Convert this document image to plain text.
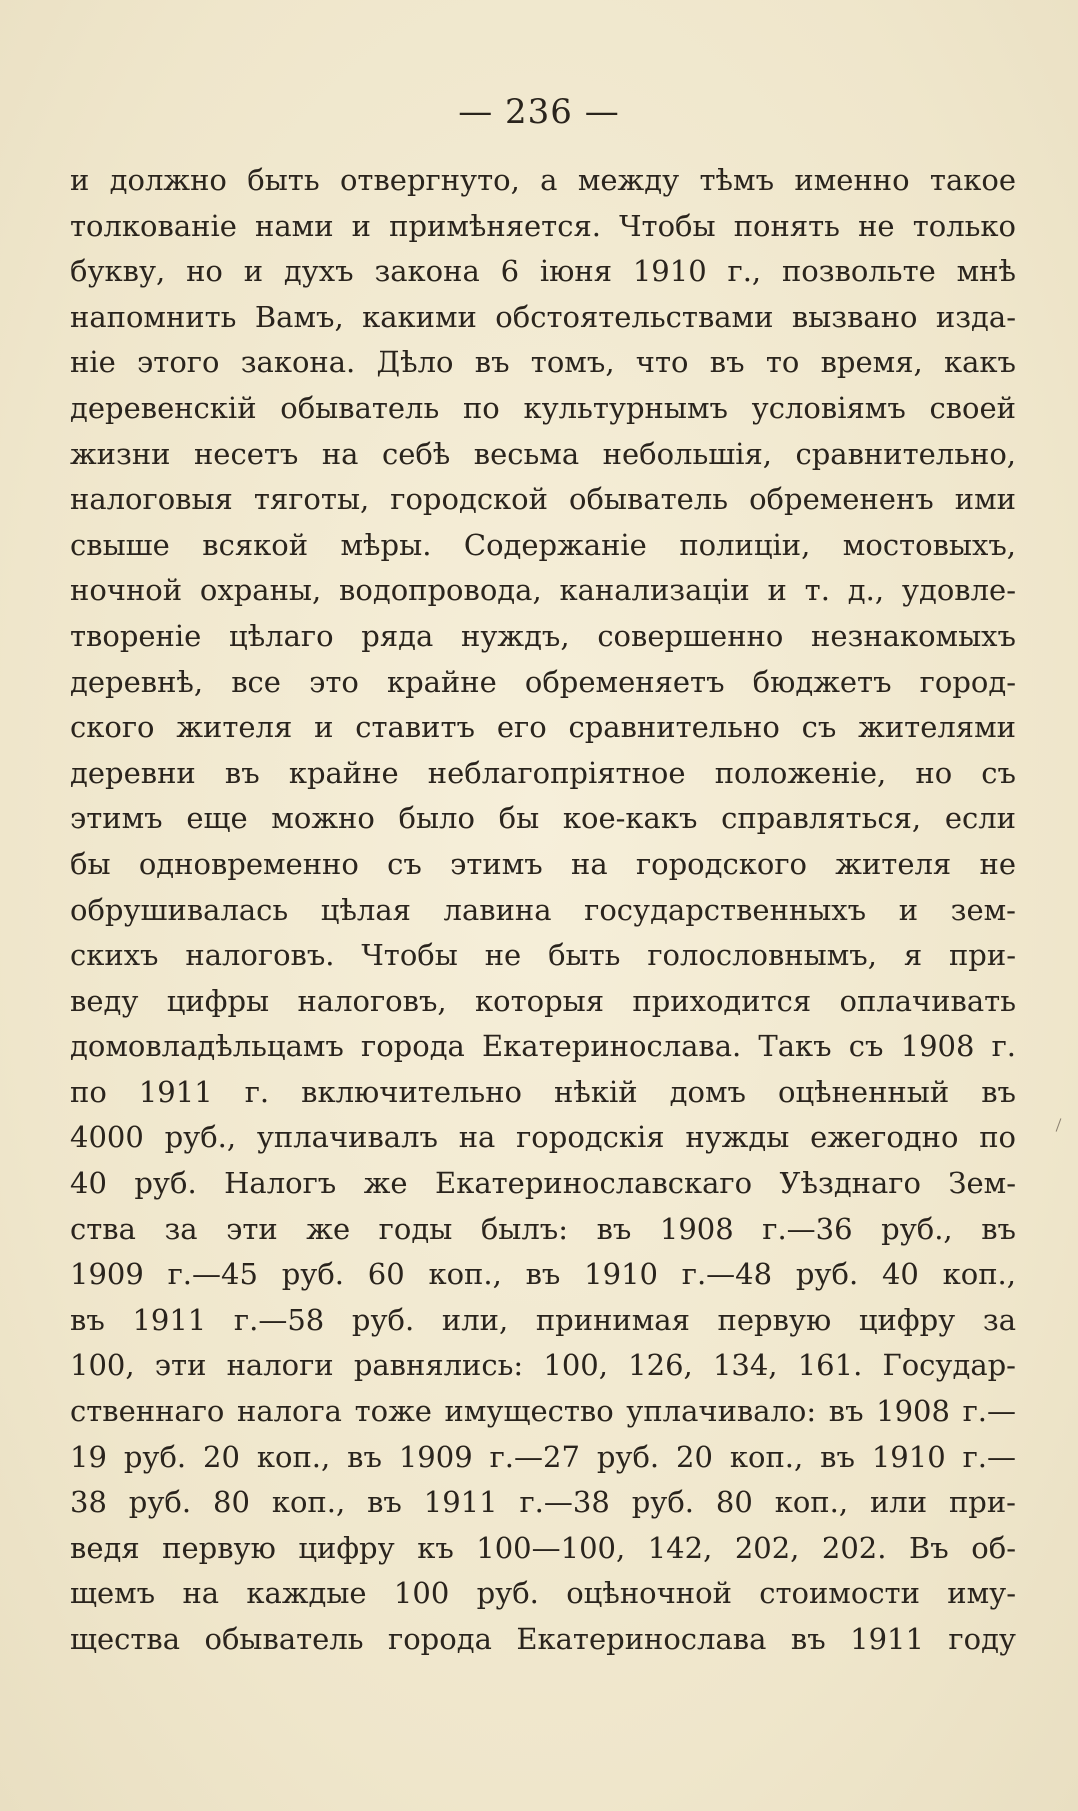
— 236 —
и должно быть отвергнуто, а между тѣмъ именно такое
толкованіе нами и примѣняется. Чтобы понять не только
букву, но и духъ закона 6 іюня 1910 г., позвольте мнѣ
напомнить Вамъ, какими обстоятельствами вызвано изда-
ніе этого закона. Дѣло въ томъ, что въ то время, какъ
деревенскій обыватель по культурнымъ условіямъ своей
жизни несетъ на себѣ весьма небольшія, сравнительно,
налоговыя тяготы, городской обыватель обремененъ ими
свыше всякой мѣры. Содержаніе полиціи, мостовыхъ,
ночной охраны, водопровода, канализаціи и т. д., удовле-
твореніе цѣлаго ряда нуждъ, совершенно незнакомыхъ
деревнѣ, все это крайне обременяетъ бюджетъ город-
ского жителя и ставитъ его сравнительно съ жителями
деревни въ крайне неблагопріятное положеніе, но съ
этимъ еще можно было бы кое-какъ справляться, если
бы одновременно съ этимъ на городского жителя не
обрушивалась цѣлая лавина государственныхъ и зем-
скихъ налоговъ. Чтобы не быть голословнымъ, я при-
веду цифры налоговъ, которыя приходится оплачивать
домовладѣльцамъ города Екатеринослава. Такъ съ 1908 г.
по 1911 г. включительно нѣкій домъ оцѣненный въ
4000 руб., уплачивалъ на городскія нужды ежегодно по
40 руб. Налогъ же Екатеринославскаго Уѣзднаго Зем-
ства за эти же годы былъ: въ 1908 г.—36 руб., въ
1909 г.—45 руб. 60 коп., въ 1910 г.—48 руб. 40 коп.,
въ 1911 г.—58 руб. или, принимая первую цифру за
100, эти налоги равнялись: 100, 126, 134, 161. Государ-
ственнаго налога тоже имущество уплачивало: въ 1908 г.—
19 руб. 20 коп., въ 1909 г.—27 руб. 20 коп., въ 1910 г.—
38 руб. 80 коп., въ 1911 г.—38 руб. 80 коп., или при-
ведя первую цифру къ 100—100, 142, 202, 202. Въ об-
щемъ на каждые 100 руб. оцѣночной стоимости иму-
щества обыватель города Екатеринослава въ 1911 году
